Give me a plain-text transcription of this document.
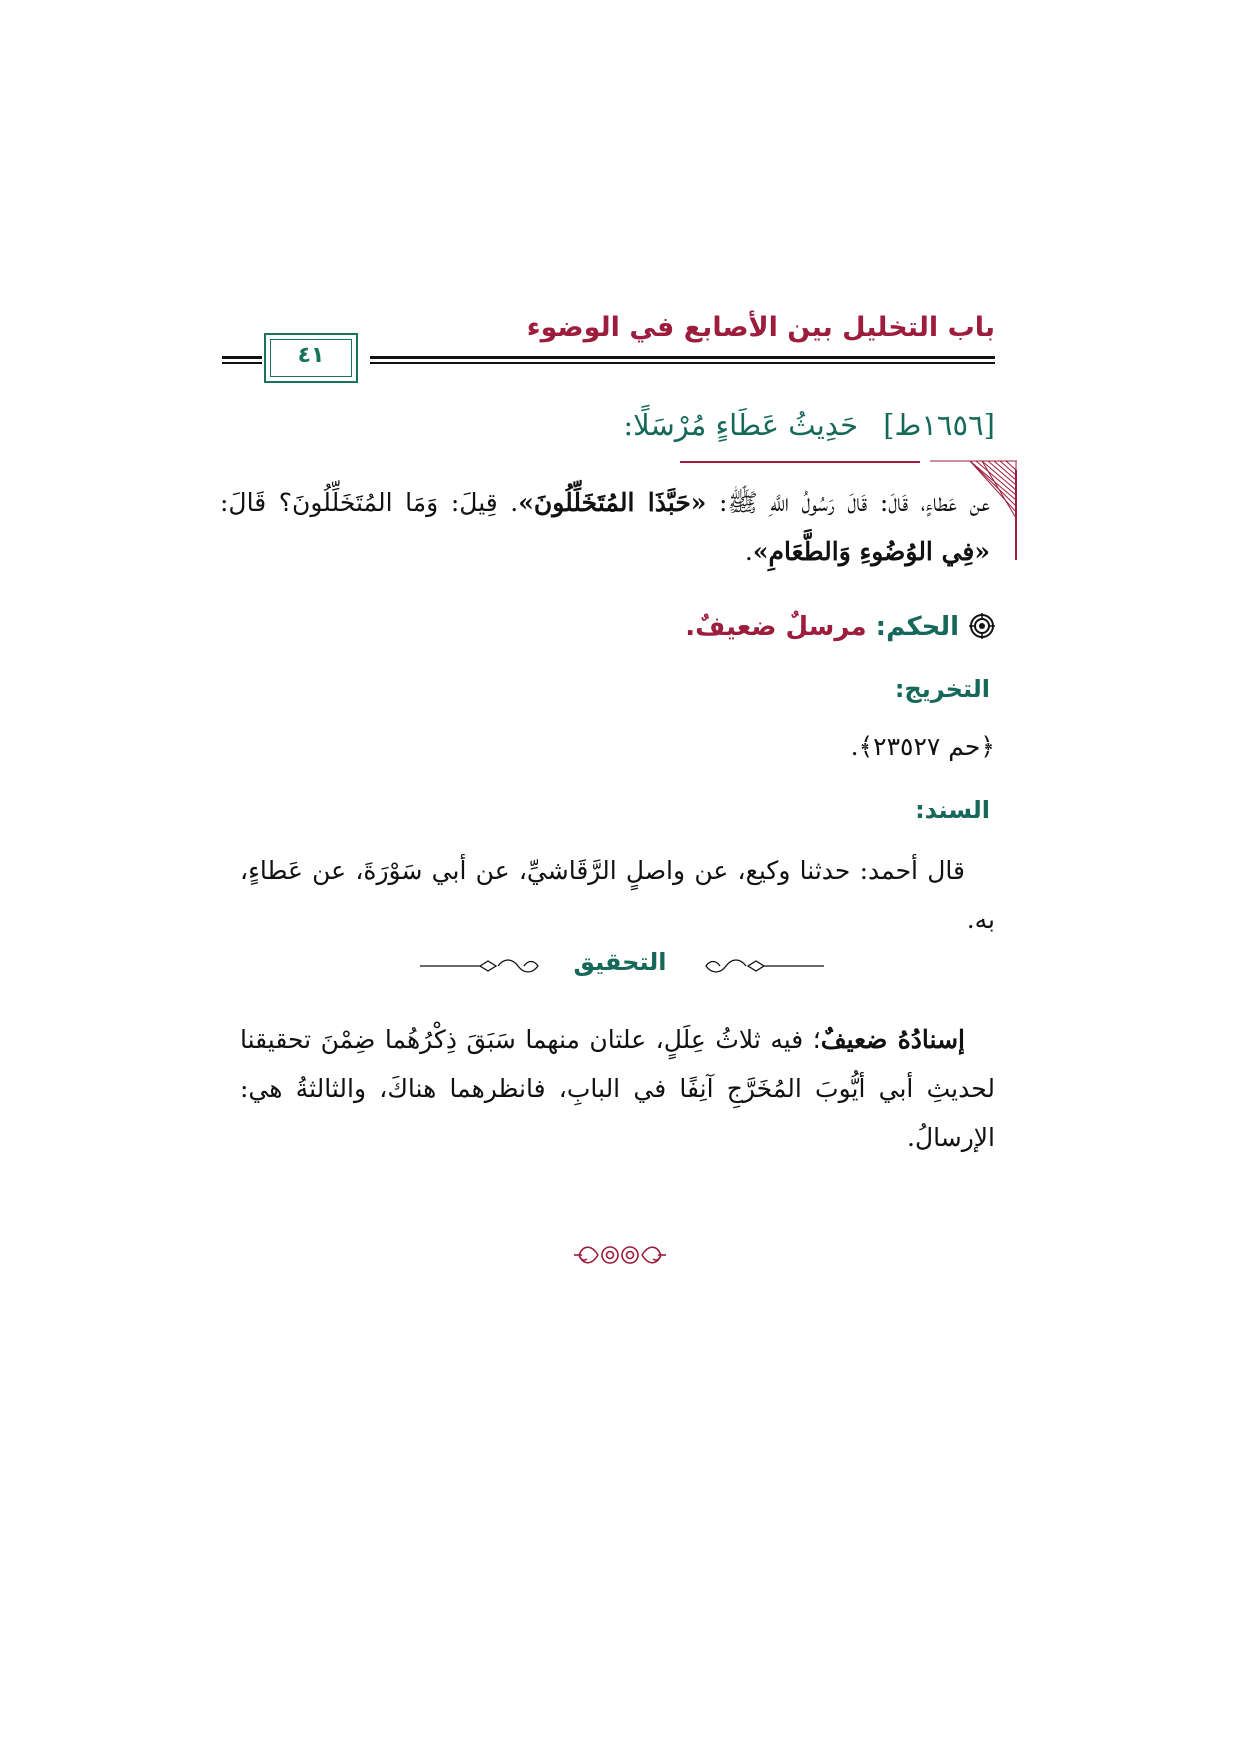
باب التخليل بين الأصابع في الوضوء
٤١
[١٦٥٦ط] حَدِيثُ عَطَاءٍ مُرْسَلًا:
عن عَطاءٍ، قَالَ: قَالَ رَسُولُ اللَّهِ ﷺ: «حَبَّذَا المُتَخَلِّلُونَ». قِيلَ: وَمَا المُتَخَلِّلُونَ؟ قَالَ: «فِي الوُضُوءِ وَالطَّعَامِ».
الحكم: مرسلٌ ضعيفٌ.
التخريج:
﴿حم ٢٣٥٢٧﴾.
السند:
قال أحمد: حدثنا وكيع، عن واصلٍ الرَّقَاشيِّ، عن أبي سَوْرَةَ، عن عَطاءٍ، به.
التحقيق
إسنادُهُ ضعيفٌ؛ فيه ثلاثُ عِلَلٍ، علتان منهما سَبَقَ ذِكْرُهُما ضِمْنَ تحقيقنا لحديثِ أبي أيُّوبَ المُخَرَّجِ آنِفًا في البابِ، فانظرهما هناكَ، والثالثةُ هي: الإرسالُ.
